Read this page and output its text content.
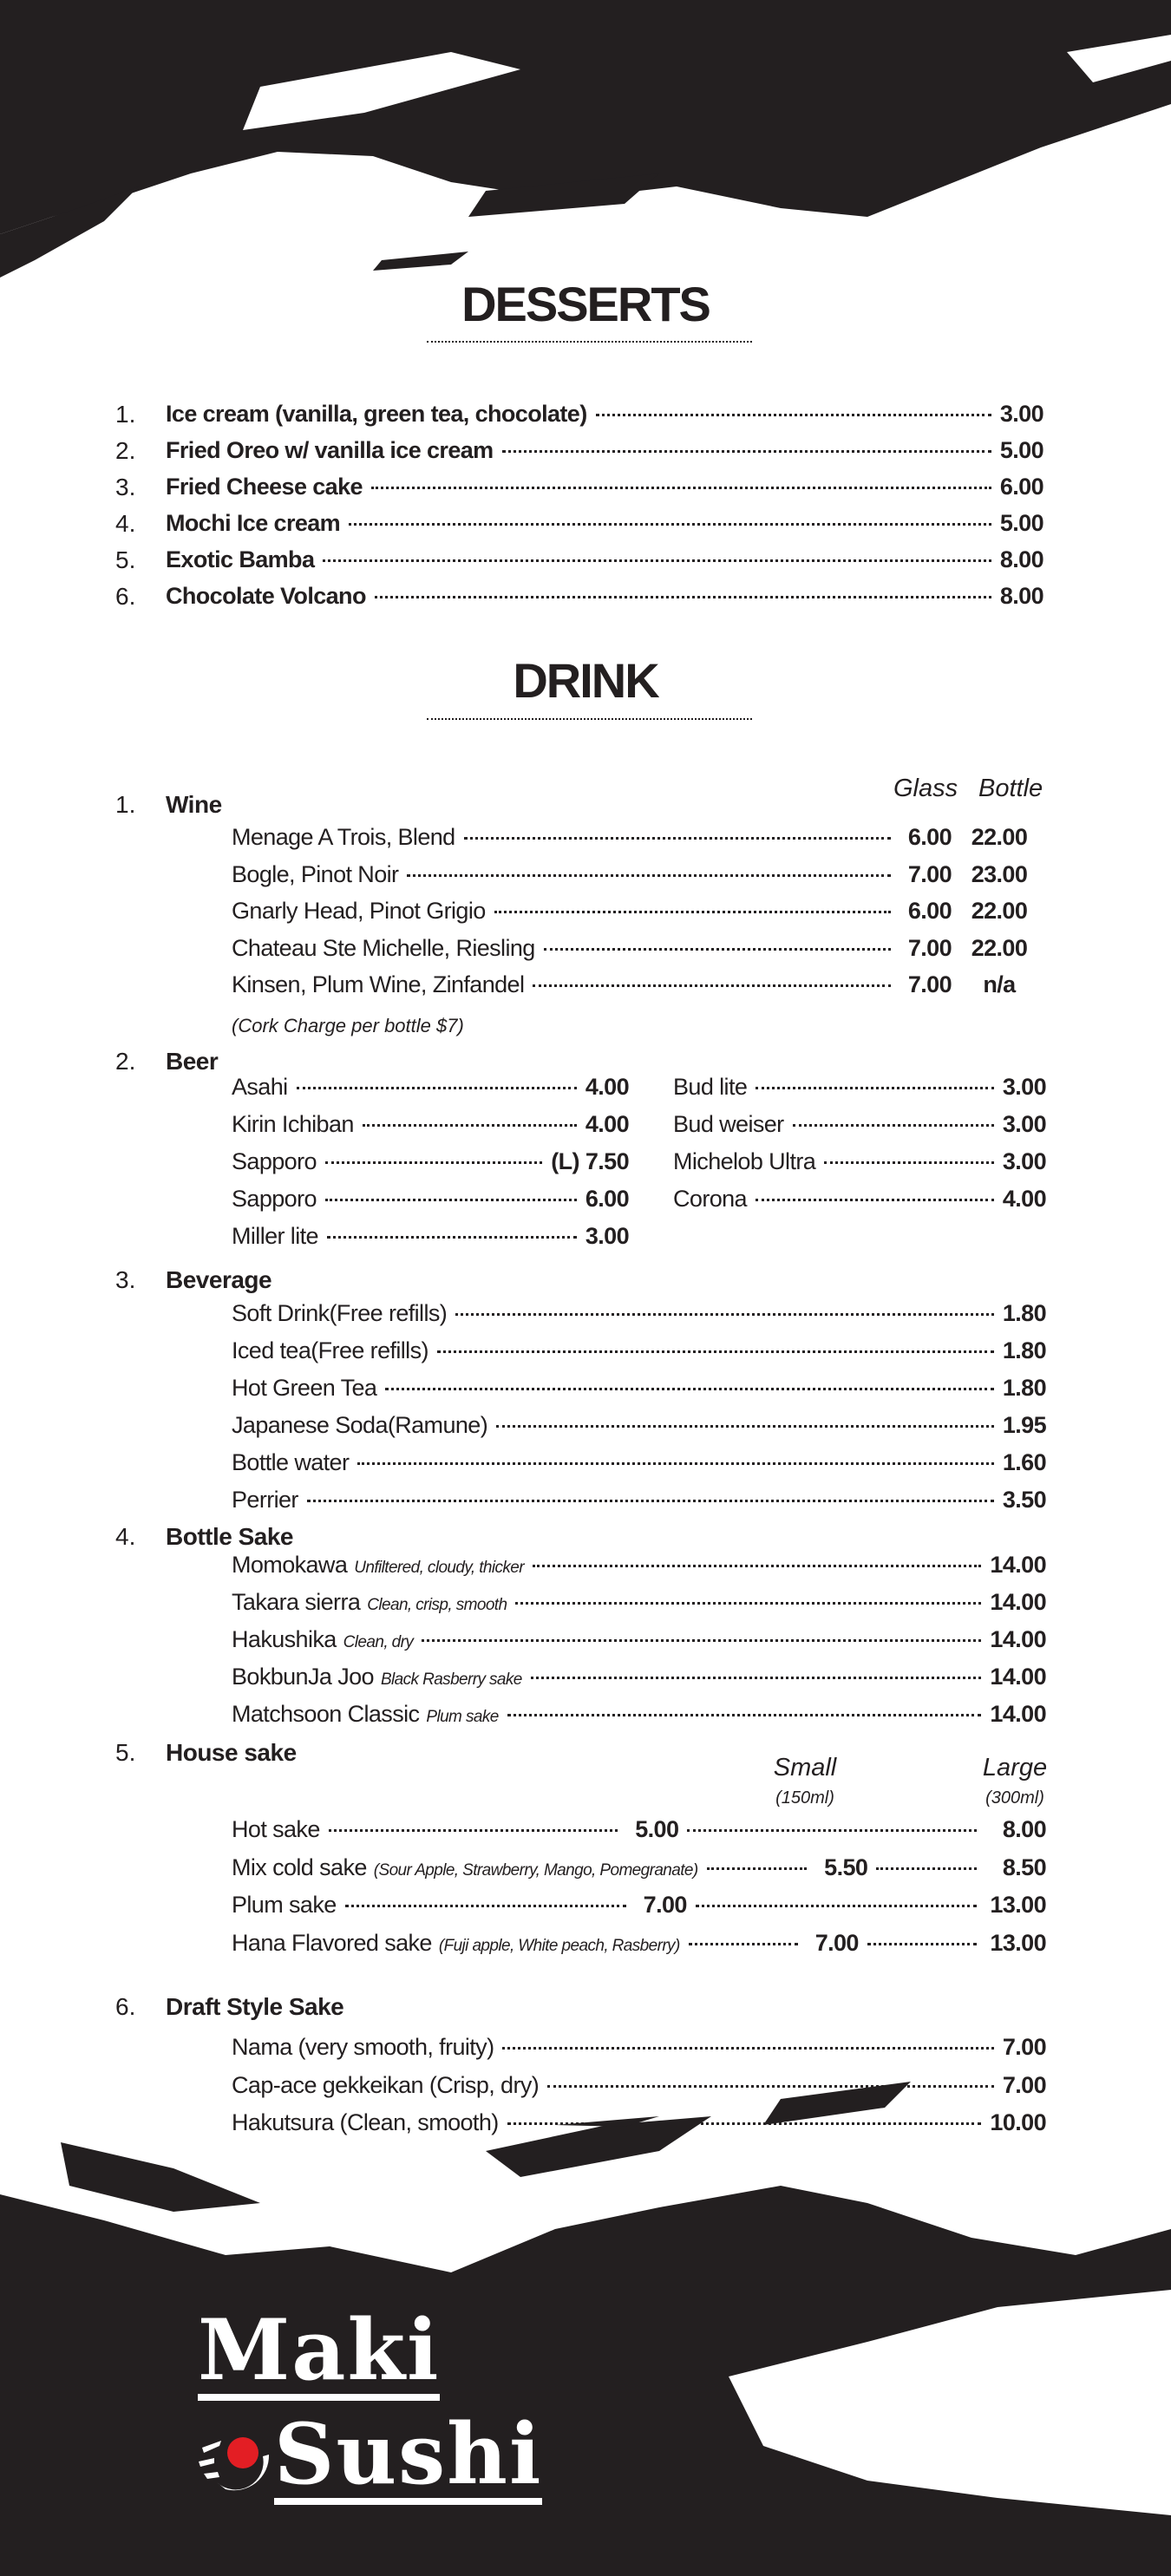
DESSERTS
1. Ice cream (vanilla, green tea, chocolate)	3.00
2. Fried Oreo w/ vanilla ice cream	5.00
3. Fried Cheese cake	6.00
4. Mochi Ice cream	5.00
5. Exotic Bamba	8.00
6. Chocolate Volcano	8.00
DRINK
1. Wine
Glass Bottle
Menage A Trois, Blend	6.00 22.00
Bogle, Pinot Noir	7.00 23.00
Gnarly Head, Pinot Grigio	6.00 22.00
Chateau Ste Michelle, Riesling	7.00 22.00
Kinsen, Plum Wine, Zinfandel	7.00	n/a
(Cork Charge per bottle $7)
2. Beer
Asahi	4.00
Kirin Ichiban	4.00
Sapporo	(L) 7.50
Sapporo	6.00
Miller lite	3.00
Bud lite	3.00
Bud weiser	3.00
Michelob Ultra	3.00
Corona	4.00
3. Beverage
Soft Drink(Free refills)	1.80
Iced tea(Free refills)	1.80
Hot Green Tea	1.80
Japanese Soda(Ramune)	1.95
Bottle water	1.60
Perrier	3.50
4. Bottle Sake
Momokawa Unfiltered, cloudy, thicker	14.00
Takara sierra Clean, crisp, smooth	14.00
Hakushika Clean, dry	14.00
BokbunJa Joo Black Rasberry sake	14.00
Matchsoon Classic Plum sake	14.00
5. House sake
Small
(150ml)
Large
(300ml)
Hot sake	5.00	8.00
Mix cold sake (Sour Apple, Strawberry, Mango, Pomegranate)	5.50	8.50
Plum sake	7.00	13.00
Hana Flavored sake (Fuji apple, White peach, Rasberry)	7.00	13.00
6. Draft Style Sake
Nama (very smooth, fruity)	7.00
Cap-ace gekkeikan (Crisp, dry)	7.00
Hakutsura (Clean, smooth)	10.00
Maki
Sushi
